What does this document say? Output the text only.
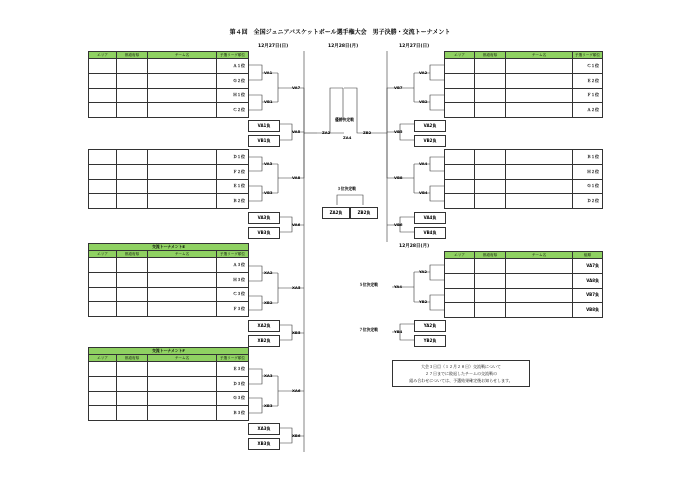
第４回　全国ジュニアバスケットボール選手権大会　男子決勝・交流トーナメント
12月27日(日)	12月28日(月)	12月27日(日)
12月28日(月)
エリア	都道府県	チーム名	予選リーグ順位
			Ａ１位
			Ｇ２位
			Ｈ１位
			Ｃ２位
			Ｄ１位
			Ｆ２位
			Ｅ１位
			Ｂ２位
交流トーナメントE			
エリア	都道府県	チーム名	予選リーグ順位
			Ａ３位
			Ｈ３位
			Ｃ３位
			Ｆ３位
交流トーナメントF			
エリア	都道府県	チーム名	予選リーグ順位
			Ｅ３位
			Ｄ３位
			Ｇ３位
			Ｂ３位
エリア	都道府県	チーム名	予選リーグ順位
			Ｃ１位
			Ｅ２位
			Ｆ１位
			Ａ２位
			Ｂ１位
			Ｈ２位
			Ｇ１位
			Ｄ２位
エリア	都道府県	チーム名	組順
			VA7負
			VA8負
			VB7負
			VB8負
VA1負
VB1負
VA3負
VB3負
XA2負
XB2負
XA3負
XB3負
VA2負
VB2負
VA4負
VB4負
YA2負
YB2負
ZA2負	ZB2負
VA1
VB1
VA7
VA5
VA3
VB3
VA8
VA6
VA2
VB2
VB7
VB5
VA4
VB4
VB8
VB6
XA2
XB2
XA5
XB5
XA3
XB3
XA6
XB6
ZA2	ZB2
ZA4
YA2
YB2
YA4
YB4
優勝決定戦
３位決定戦
５位決定戦
７位決定戦
大会３日目（１２月２８日）交流戦について
２７日までに敗退したチームの交流戦の
組み合わせについては、予選結果確定後お知らせします。
